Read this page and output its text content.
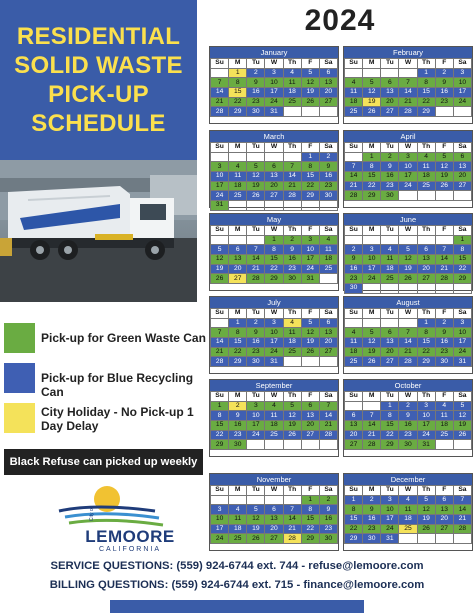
RESIDENTIAL
SOLID WASTE
PICK-UP
SCHEDULE
Pick-up for Green Waste Can
Pick-up for Blue Recycling Can
City Holiday - No Pick-up 1 Day Delay
Black Refuse can picked up weekly
2024
January
Su	M	Tu	W	Th	F	Sa
	1	2	3	4	5	6
7	8	9	10	11	12	13
14	15	16	17	18	19	20
21	22	23	24	25	26	27
28	29	30	31			
February
Su	M	Tu	W	Th	F	Sa
				1	2	3
4	5	6	7	8	9	10
11	12	13	14	15	16	17
18	19	20	21	22	23	24
25	26	27	28	29		
March
Su	M	Tu	W	Th	F	Sa
					1	2
3	4	5	6	7	8	9
10	11	12	13	14	15	16
17	18	19	20	21	22	23
24	25	26	27	28	29	30
31						
April
Su	M	Tu	W	Th	F	Sa
	1	2	3	4	5	6
7	8	9	10	11	12	13
14	15	16	17	18	19	20
21	22	23	24	25	26	27
28	29	30				
May
Su	M	Tu	W	Th	F	Sa
			1	2	3	4
5	6	7	8	9	10	11
12	13	14	15	16	17	18
19	20	21	22	23	24	25
26	27	28	29	30	31	
June
Su	M	Tu	W	Th	F	Sa
						1
2	3	4	5	6	7	8
9	10	11	12	13	14	15
16	17	18	19	20	21	22
23	24	25	26	27	28	29
30						
July
Su	M	Tu	W	Th	F	Sa
	1	2	3	4	5	6
7	8	9	10	11	12	13
14	15	16	17	18	19	20
21	22	23	24	25	26	27
28	29	30	31			
August
Su	M	Tu	W	Th	F	Sa
				1	2	3
4	5	6	7	8	9	10
11	12	13	14	15	16	17
18	19	20	21	22	23	24
25	26	27	28	29	30	31
September
Su	M	Tu	W	Th	F	Sa
1	2	3	4	5	6	7
8	9	10	11	12	13	14
15	16	17	18	19	20	21
22	23	24	25	26	27	28
29	30					
October
Su	M	Tu	W	Th	F	Sa
		1	2	3	4	5
6	7	8	9	10	11	12
13	14	15	16	17	18	19
20	21	22	23	24	25	26
27	28	29	30	31		
November
Su	M	Tu	W	Th	F	Sa
					1	2
3	4	5	6	7	8	9
10	11	12	13	14	15	16
17	18	19	20	21	22	23
24	25	26	27	28	29	30
December
Su	M	Tu	W	Th	F	Sa
1	2	3	4	5	6	7
8	9	10	11	12	13	14
15	16	17	18	19	20	21
22	23	24	25	26	27	28
29	30	31				
City of
LEMOORE
CALIFORNIA
SERVICE QUESTIONS: (559) 924-6744 ext. 744 - refuse@lemoore.com
BILLING QUESTIONS: (559) 924-6744 ext. 715 - finance@lemoore.com
